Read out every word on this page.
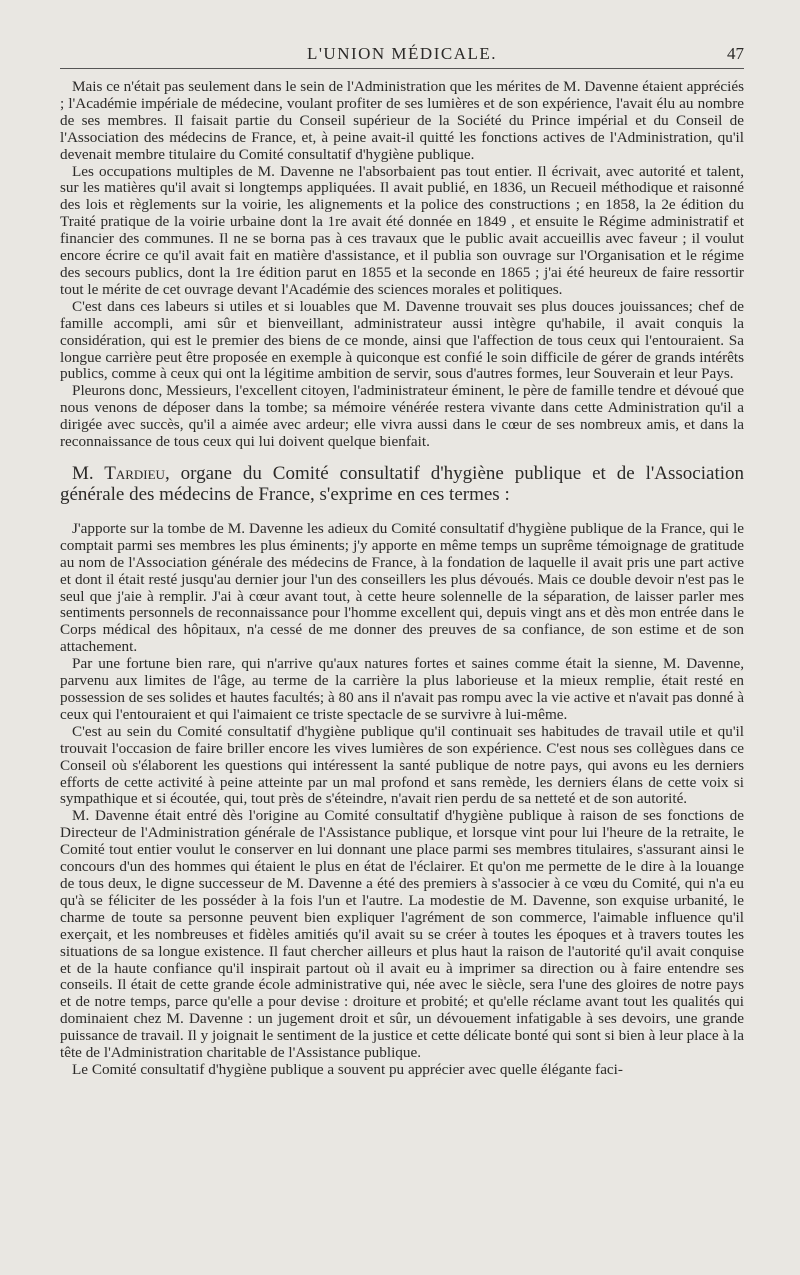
L'UNION MÉDICALE.	47

Mais ce n'était pas seulement dans le sein de l'Administration que les mérites de M. Davenne étaient appréciés ; l'Académie impériale de médecine, voulant profiter de ses lumières et de son expérience, l'avait élu au nombre de ses membres. Il faisait partie du Conseil supérieur de la Société du Prince impérial et du Conseil de l'Association des médecins de France, et, à peine avait-il quitté les fonctions actives de l'Administration, qu'il devenait membre titulaire du Comité consultatif d'hygiène publique.

Les occupations multiples de M. Davenne ne l'absorbaient pas tout entier. Il écrivait, avec autorité et talent, sur les matières qu'il avait si longtemps appliquées. Il avait publié, en 1836, un Recueil méthodique et raisonné des lois et règlements sur la voirie, les alignements et la police des constructions ; en 1858, la 2e édition du Traité pratique de la voirie urbaine dont la 1re avait été donnée en 1849 , et ensuite le Régime administratif et financier des communes. Il ne se borna pas à ces travaux que le public avait accueillis avec faveur ; il voulut encore écrire ce qu'il avait fait en matière d'assistance, et il publia son ouvrage sur l'Organisation et le régime des secours publics, dont la 1re édition parut en 1855 et la seconde en 1865 ; j'ai été heureux de faire ressortir tout le mérite de cet ouvrage devant l'Académie des sciences morales et politiques.

C'est dans ces labeurs si utiles et si louables que M. Davenne trouvait ses plus douces jouissances; chef de famille accompli, ami sûr et bienveillant, administrateur aussi intègre qu'habile, il avait conquis la considération, qui est le premier des biens de ce monde, ainsi que l'affection de tous ceux qui l'entouraient. Sa longue carrière peut être proposée en exemple à quiconque est confié le soin difficile de gérer de grands intérêts publics, comme à ceux qui ont la légitime ambition de servir, sous d'autres formes, leur Souverain et leur Pays.

Pleurons donc, Messieurs, l'excellent citoyen, l'administrateur éminent, le père de famille tendre et dévoué que nous venons de déposer dans la tombe; sa mémoire vénérée restera vivante dans cette Administration qu'il a dirigée avec succès, qu'il a aimée avec ardeur; elle vivra aussi dans le cœur de ses nombreux amis, et dans la reconnaissance de tous ceux qui lui doivent quelque bienfait.

M. Tardieu, organe du Comité consultatif d'hygiène publique et de l'Association générale des médecins de France, s'exprime en ces termes :

J'apporte sur la tombe de M. Davenne les adieux du Comité consultatif d'hygiène publique de la France, qui le comptait parmi ses membres les plus éminents; j'y apporte en même temps un suprême témoignage de gratitude au nom de l'Association générale des médecins de France, à la fondation de laquelle il avait pris une part active et dont il était resté jusqu'au dernier jour l'un des conseillers les plus dévoués. Mais ce double devoir n'est pas le seul que j'aie à remplir. J'ai à cœur avant tout, à cette heure solennelle de la séparation, de laisser parler mes sentiments personnels de reconnaissance pour l'homme excellent qui, depuis vingt ans et dès mon entrée dans le Corps médical des hôpitaux, n'a cessé de me donner des preuves de sa confiance, de son estime et de son attachement.

Par une fortune bien rare, qui n'arrive qu'aux natures fortes et saines comme était la sienne, M. Davenne, parvenu aux limites de l'âge, au terme de la carrière la plus laborieuse et la mieux remplie, était resté en possession de ses solides et hautes facultés; à 80 ans il n'avait pas rompu avec la vie active et n'avait pas donné à ceux qui l'entouraient et qui l'aimaient ce triste spectacle de se survivre à lui-même.

C'est au sein du Comité consultatif d'hygiène publique qu'il continuait ses habitudes de travail utile et qu'il trouvait l'occasion de faire briller encore les vives lumières de son expérience. C'est nous ses collègues dans ce Conseil où s'élaborent les questions qui intéressent la santé publique de notre pays, qui avons eu les derniers efforts de cette activité à peine atteinte par un mal profond et sans remède, les derniers élans de cette voix si sympathique et si écoutée, qui, tout près de s'éteindre, n'avait rien perdu de sa netteté et de son autorité.

M. Davenne était entré dès l'origine au Comité consultatif d'hygiène publique à raison de ses fonctions de Directeur de l'Administration générale de l'Assistance publique, et lorsque vint pour lui l'heure de la retraite, le Comité tout entier voulut le conserver en lui donnant une place parmi ses membres titulaires, s'assurant ainsi le concours d'un des hommes qui étaient le plus en état de l'éclairer. Et qu'on me permette de le dire à la louange de tous deux, le digne successeur de M. Davenne a été des premiers à s'associer à ce vœu du Comité, qui n'a eu qu'à se féliciter de les posséder à la fois l'un et l'autre. La modestie de M. Davenne, son exquise urbanité, le charme de toute sa personne peuvent bien expliquer l'agrément de son commerce, l'aimable influence qu'il exerçait, et les nombreuses et fidèles amitiés qu'il avait su se créer à toutes les époques et à travers toutes les situations de sa longue existence. Il faut chercher ailleurs et plus haut la raison de l'autorité qu'il avait conquise et de la haute confiance qu'il inspirait partout où il avait eu à imprimer sa direction ou à faire entendre ses conseils. Il était de cette grande école administrative qui, née avec le siècle, sera l'une des gloires de notre pays et de notre temps, parce qu'elle a pour devise : droiture et probité; et qu'elle réclame avant tout les qualités qui dominaient chez M. Davenne : un jugement droit et sûr, un dévouement infatigable à ses devoirs, une grande puissance de travail. Il y joignait le sentiment de la justice et cette délicate bonté qui sont si bien à leur place à la tête de l'Administration charitable de l'Assistance publique.

Le Comité consultatif d'hygiène publique a souvent pu apprécier avec quelle élégante faci-
